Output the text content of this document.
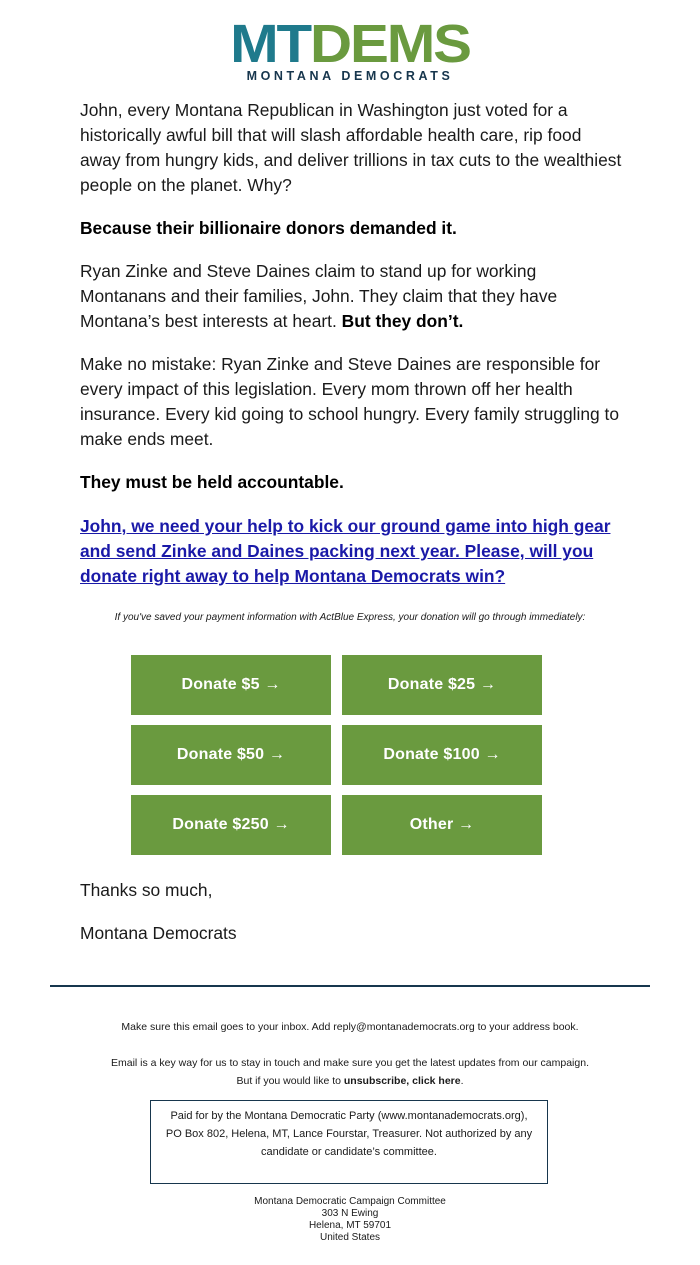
MTDEMS
MONTANA DEMOCRATS

John, every Montana Republican in Washington just voted for a historically awful bill that will slash affordable health care, rip food away from hungry kids, and deliver trillions in tax cuts to the wealthiest people on the planet. Why?

Because their billionaire donors demanded it.

Ryan Zinke and Steve Daines claim to stand up for working Montanans and their families, John. They claim that they have Montana’s best interests at heart. But they don’t.

Make no mistake: Ryan Zinke and Steve Daines are responsible for every impact of this legislation. Every mom thrown off her health insurance. Every kid going to school hungry. Every family struggling to make ends meet.

They must be held accountable.

John, we need your help to kick our ground game into high gear and send Zinke and Daines packing next year. Please, will you donate right away to help Montana Democrats win?

If you've saved your payment information with ActBlue Express, your donation will go through immediately:
Donate $5 →	Donate $25 →
Donate $50 →	Donate $100 →
Donate $250 →	Other →
Thanks so much,
Montana Democrats
Make sure this email goes to your inbox. Add reply@montanademocrats.org to your address book.
Email is a key way for us to stay in touch and make sure you get the latest updates from our campaign.
But if you would like to unsubscribe, click here.
Paid for by the Montana Democratic Party (www.montanademocrats.org), PO Box 802, Helena, MT, Lance Fourstar, Treasurer. Not authorized by any candidate or candidate’s committee.
Montana Democratic Campaign Committee
303 N Ewing
Helena, MT 59701
United States
